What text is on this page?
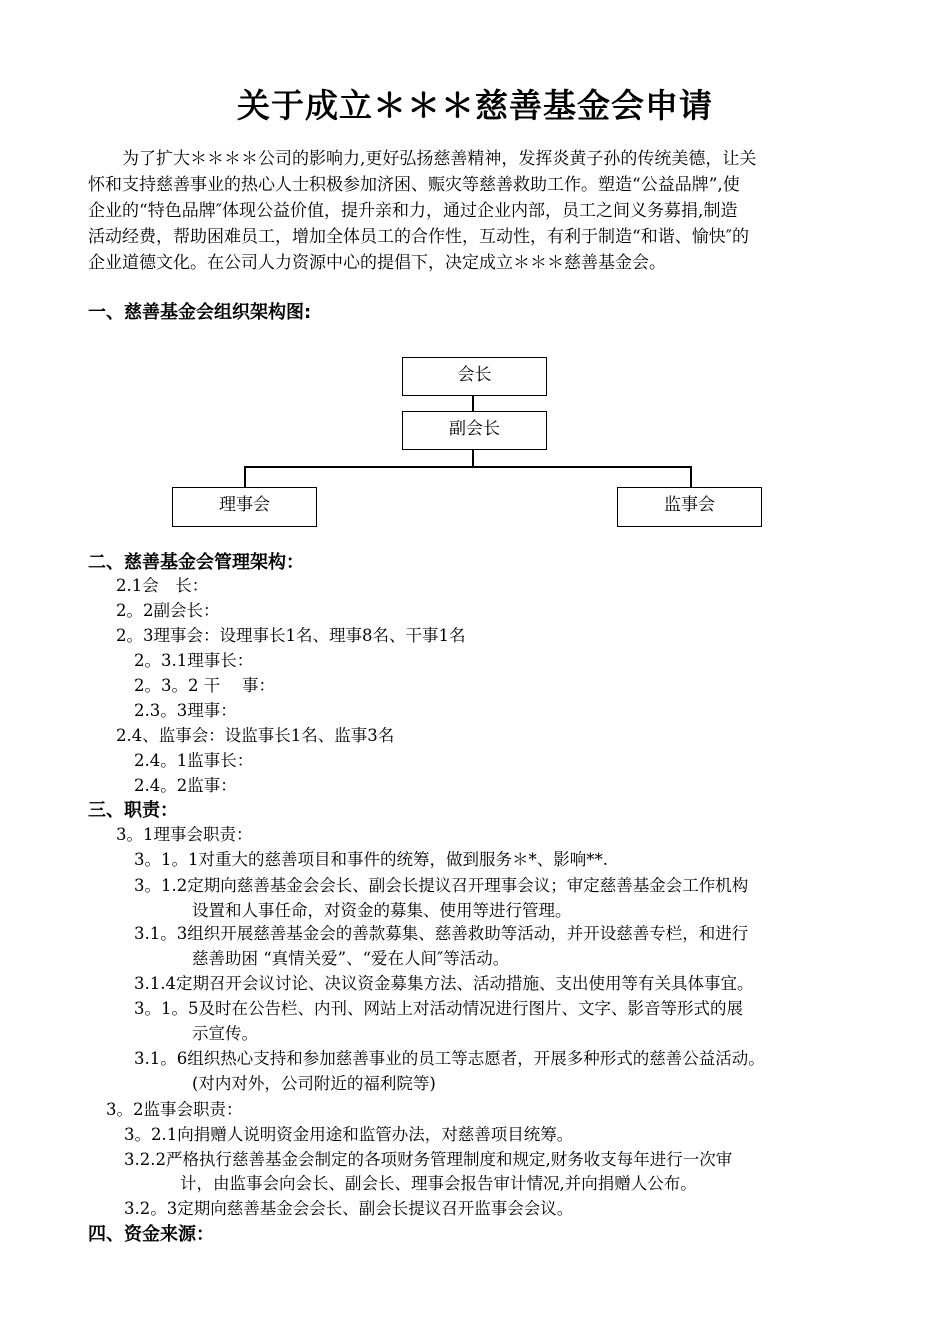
关于成立＊＊＊慈善基金会申请
为了扩大＊＊＊＊公司的影响力,更好弘扬慈善精神，发挥炎黄子孙的传统美德，让关
怀和支持慈善事业的热心人士积极参加济困、赈灾等慈善救助工作。塑造“公益品牌”,使
企业的“特色品牌″体现公益价值，提升亲和力，通过企业内部，员工之间义务募捐,制造
活动经费，帮助困难员工，增加全体员工的合作性，互动性，有利于制造“和谐、愉快″的
企业道德文化。在公司人力资源中心的提倡下，决定成立＊＊＊慈善基金会。
一、慈善基金会组织架构图:
会长
副会长
理事会	监事会
二、慈善基金会管理架构：
2.1会　长：
2。2副会长：
2。3理事会：设理事长1名、理事8名、干事1名
2。3.1理事长：
2。3。2 干　 事：
2.3。3理事：
2.4、监事会：设监事长1名、监事3名
2.4。1监事长：
2.4。2监事：
三、职责：
3。1理事会职责：
3。1。1对重大的慈善项目和事件的统筹，做到服务＊*、影响**.
3。1.2定期向慈善基金会会长、副会长提议召开理事会议；审定慈善基金会工作机构
设置和人事任命，对资金的募集、使用等进行管理。
3.1。3组织开展慈善基金会的善款募集、慈善救助等活动，并开设慈善专栏，和进行
慈善助困 “真情关爱”、“爱在人间″等活动。
3.1.4定期召开会议讨论、决议资金募集方法、活动措施、支出使用等有关具体事宜。
3。1。5及时在公告栏、内刊、网站上对活动情况进行图片、文字、影音等形式的展
示宣传。
3.1。6组织热心支持和参加慈善事业的员工等志愿者，开展多种形式的慈善公益活动。
(对内对外，公司附近的福利院等)
3。2监事会职责：
3。2.1向捐赠人说明资金用途和监管办法，对慈善项目统筹。
3.2.2严格执行慈善基金会制定的各项财务管理制度和规定,财务收支每年进行一次审
计，由监事会向会长、副会长、理事会报告审计情况,并向捐赠人公布。
3.2。3定期向慈善基金会会长、副会长提议召开监事会会议。
四、资金来源：
